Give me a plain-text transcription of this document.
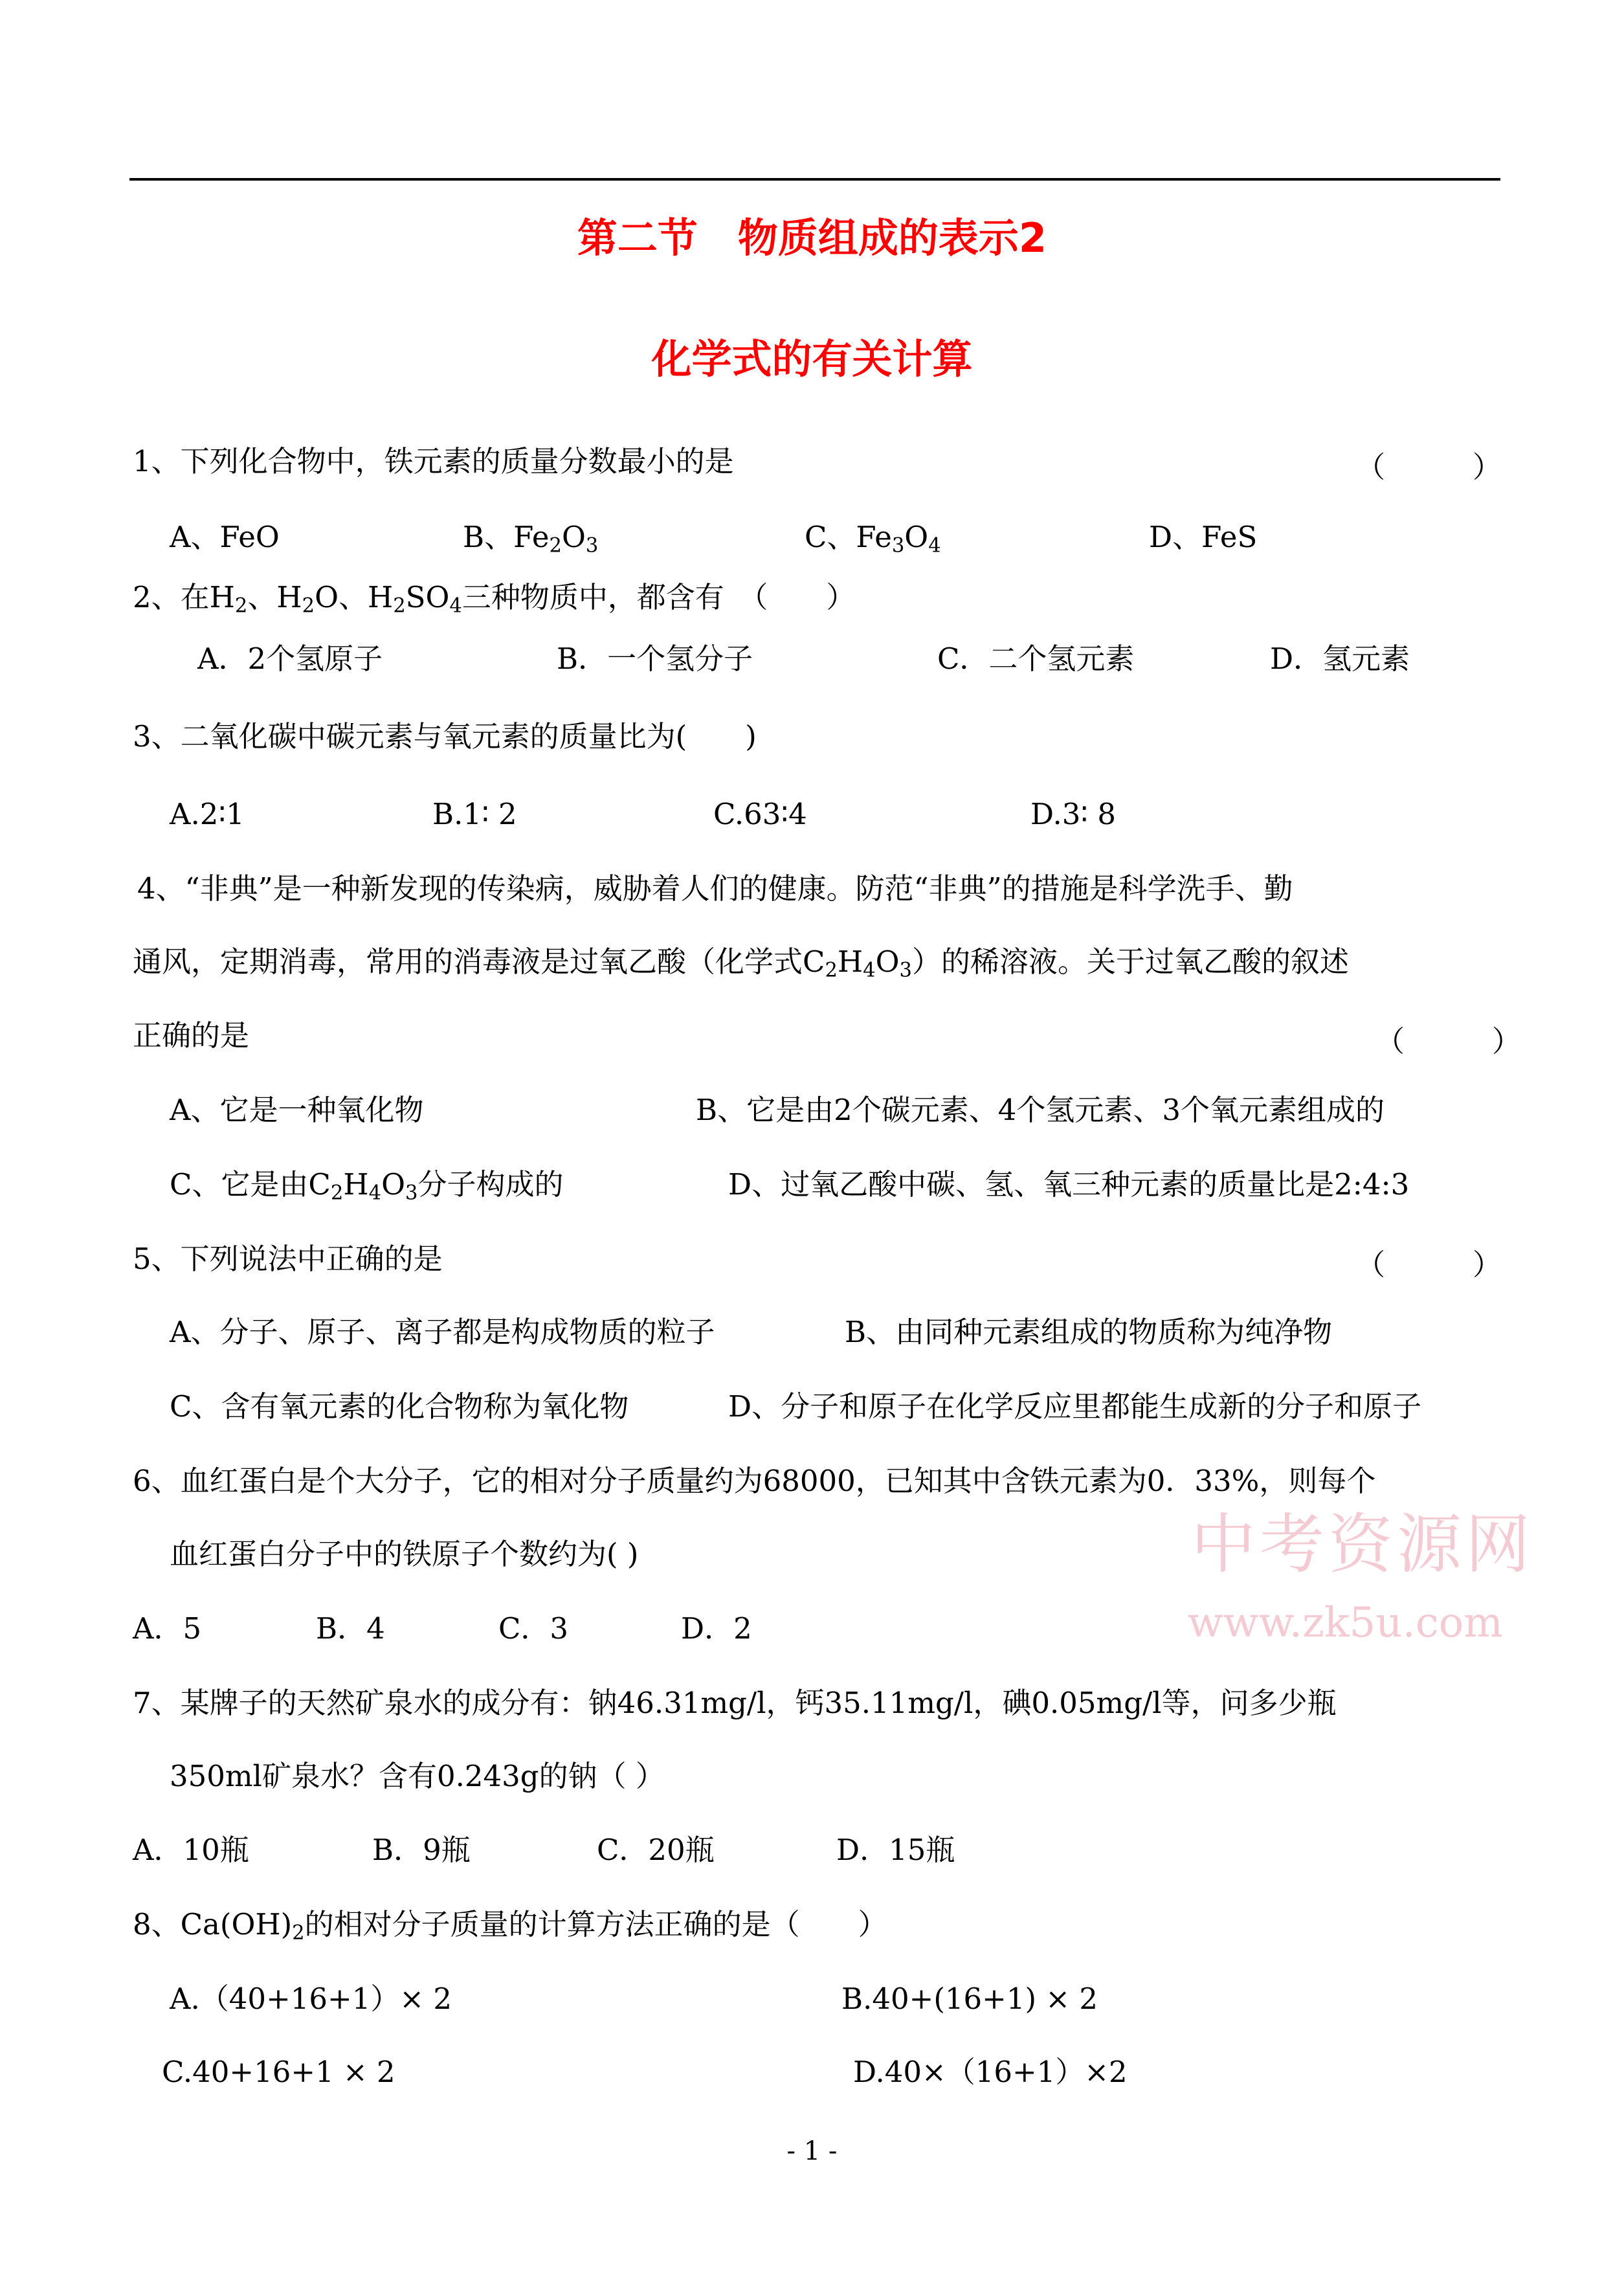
第二节　物质组成的表示2
化学式的有关计算
1、下列化合物中，铁元素的质量分数最小的是	（　　　）
A、FeO	B、$Fe_2O_3$	C、$Fe_3O_4$	D、FeS
2、在$H_2$、$H_2O$、$H_2SO_4$三种物质中，都含有　（　　）
A．2个氢原子	B．一个氢分子	C．二个氢元素	D．氢元素
3、二氧化碳中碳元素与氧元素的质量比为(　　)
A.2∶1	B.1∶ 2	C.63∶4	D.3∶ 8
4、“非典”是一种新发现的传染病，威胁着人们的健康。防范“非典”的措施是科学洗手、勤
通风，定期消毒，常用的消毒液是过氧乙酸（化学式$C_2H_4O_3$）的稀溶液。关于过氧乙酸的叙述
正确的是	（　　　）
A、它是一种氧化物	B、它是由2个碳元素、4个氢元素、3个氧元素组成的
C、它是由$C_2H_4O_3$分子构成的	D、过氧乙酸中碳、氢、氧三种元素的质量比是2:4:3
5、下列说法中正确的是	（　　　）
A、分子、原子、离子都是构成物质的粒子	B、由同种元素组成的物质称为纯净物
C、含有氧元素的化合物称为氧化物	D、分子和原子在化学反应里都能生成新的分子和原子
中考资源网
www.zk5u.com
6、血红蛋白是个大分子，它的相对分子质量约为68000，已知其中含铁元素为0．33%，则每个
血红蛋白分子中的铁原子个数约为( )
A．5	B．4	C．3	D．2
7、某牌子的天然矿泉水的成分有：钠46.31mg/l，钙35.11mg/l，碘0.05mg/l等，问多少瓶
350ml矿泉水？含有0.243g的钠（ ）
A．10瓶	B．9瓶	C．20瓶	D．15瓶
8、$Ca(OH)_2$的相对分子质量的计算方法正确的是（　　）
A.（40+16+1）× 2	B.40+(16+1) × 2
C.40+16+1 × 2	D.40×（16+1）×2
- 1 -
